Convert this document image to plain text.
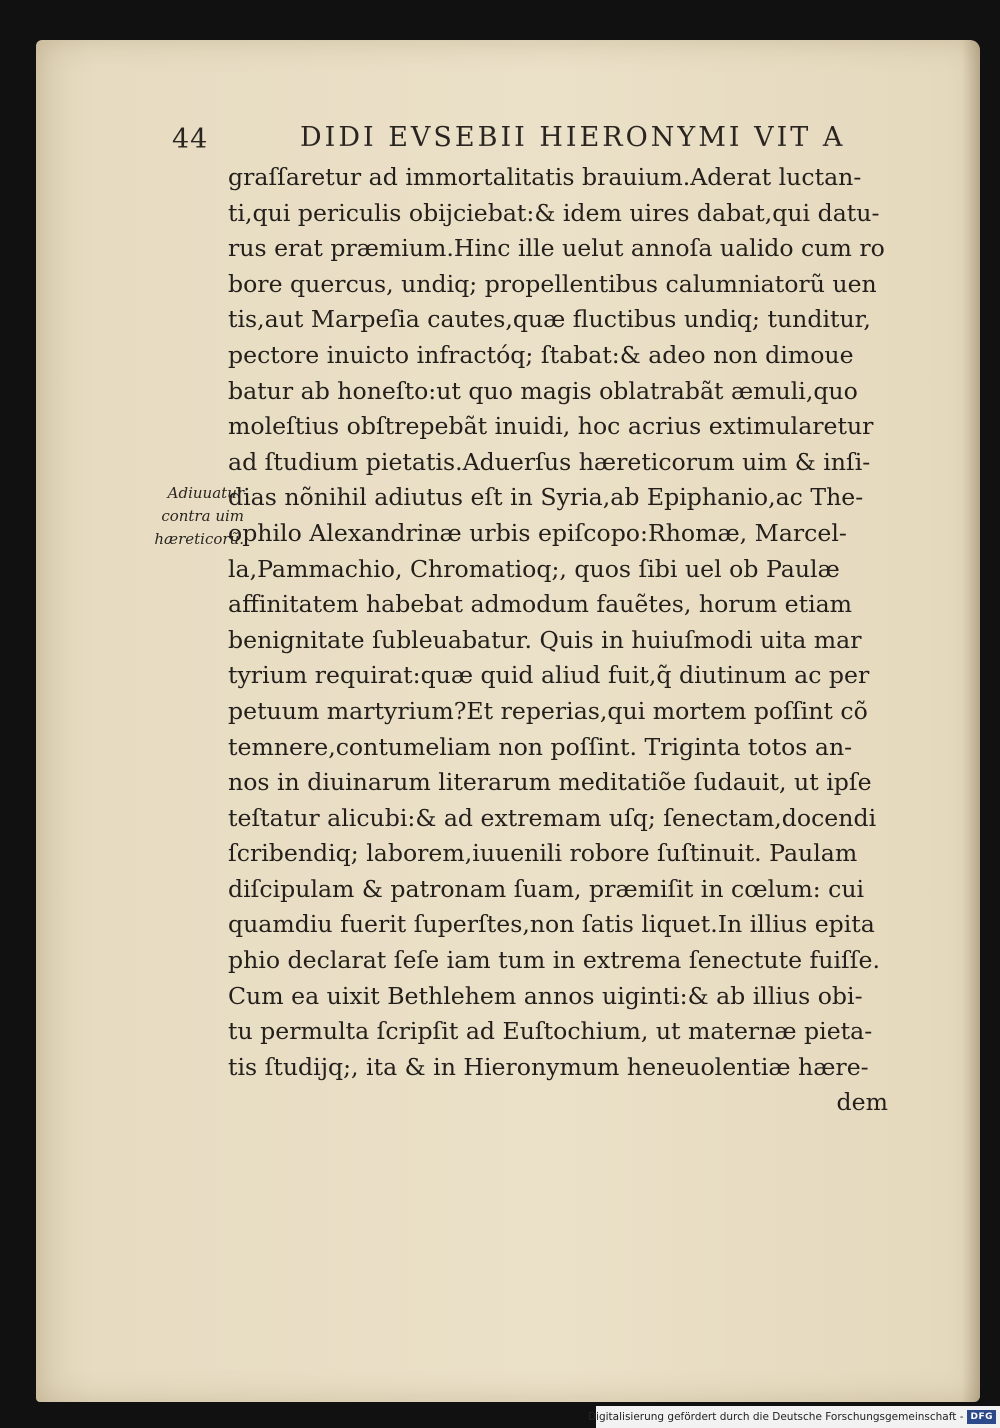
44	DIDI EVSEBII HIERONYMI VIT A
Adiuuatur
contra uim
hæreticorũ.
graſſaretur ad immortalitatis brauium.Aderat luctan-
ti,qui periculis obijciebat:& idem uires dabat,qui datu-
rus erat præmium.Hinc ille uelut annoſa ualido cum ro
bore quercus, undiq; propellentibus calumniatorũ uen
tis,aut Marpeſia cautes,quæ fluctibus undiq; tunditur,
pectore inuicto infractóq; ſtabat:& adeo non dimoue
batur ab honeſto:ut quo magis oblatrabãt æmuli,quo
moleſtius obſtrepebãt inuidi, hoc acrius extimularetur
ad ſtudium pietatis.Aduerſus hæreticorum uim & inſi-
dias nõnihil adiutus eſt in Syria,ab Epiphanio,ac The-
ophilo Alexandrinæ urbis epiſcopo:Rhomæ, Marcel-
la,Pammachio, Chromatioq;, quos ſibi uel ob Paulæ
affinitatem habebat admodum fauẽtes, horum etiam
benignitate ſubleuabatur. Quis in huiuſmodi uita mar
tyrium requirat:quæ quid aliud fuit,q̃ diutinum ac per
petuum martyrium?Et reperias,qui mortem poſſint cõ
temnere,contumeliam non poſſint. Triginta totos an-
nos in diuinarum literarum meditatiõe ſudauit, ut ipſe
teſtatur alicubi:& ad extremam uſq; ſenectam,docendi
ſcribendiq; laborem,iuuenili robore ſuſtinuit. Paulam
diſcipulam & patronam ſuam, præmiſit in cœlum: cui
quamdiu fuerit ſuperſtes,non ſatis liquet.In illius epita
phio declarat ſeſe iam tum in extrema ſenectute fuiſſe.
Cum ea uixit Bethlehem annos uiginti:& ab illius obi-
tu permulta ſcripſit ad Euſtochium, ut maternæ pieta-
tis ſtudijq;, ita & in Hieronymum heneuolentiæ hære-
dem
Digitalisierung gefördert durch die Deutsche Forschungsgemeinschaft - DFG
